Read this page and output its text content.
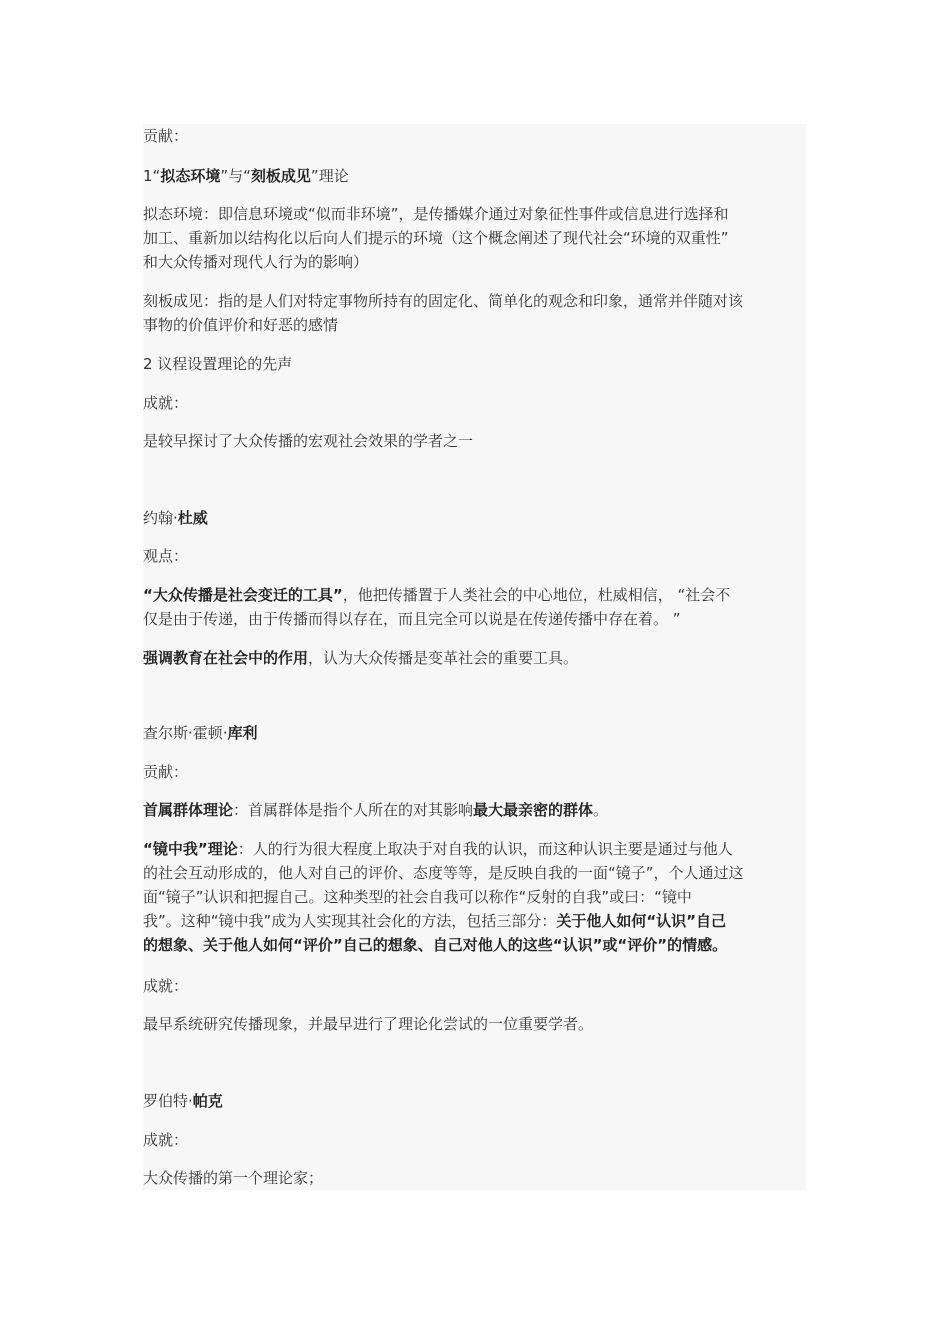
贡献：

1“拟态环境”与“刻板成见”理论

拟态环境：即信息环境或“似而非环境”，是传播媒介通过对象征性事件或信息进行选择和

加工、重新加以结构化以后向人们提示的环境（这个概念阐述了现代社会“环境的双重性”

和大众传播对现代人行为的影响）

刻板成见：指的是人们对特定事物所持有的固定化、简单化的观念和印象，通常并伴随对该

事物的价值评价和好恶的感情

2 议程设置理论的先声

成就：

是较早探讨了大众传播的宏观社会效果的学者之一

约翰·杜威

观点：

“大众传播是社会变迁的工具”，他把传播置于人类社会的中心地位，杜威相信， “社会不

仅是由于传递，由于传播而得以存在，而且完全可以说是在传递传播中存在着。 ”

强调教育在社会中的作用，认为大众传播是变革社会的重要工具。

查尔斯·霍顿·库利

贡献：

首属群体理论：首属群体是指个人所在的对其影响最大最亲密的群体。

“镜中我”理论：人的行为很大程度上取决于对自我的认识，而这种认识主要是通过与他人

的社会互动形成的，他人对自己的评价、态度等等，是反映自我的一面“镜子”，个人通过这

面“镜子”认识和把握自己。这种类型的社会自我可以称作“反射的自我”或曰：“镜中

我”。这种“镜中我”成为人实现其社会化的方法，包括三部分：关于他人如何“认识”自己

的想象、关于他人如何“评价”自己的想象、自己对他人的这些“认识”或“评价”的情感。

成就：

最早系统研究传播现象，并最早进行了理论化尝试的一位重要学者。

罗伯特·帕克

成就：

大众传播的第一个理论家；
